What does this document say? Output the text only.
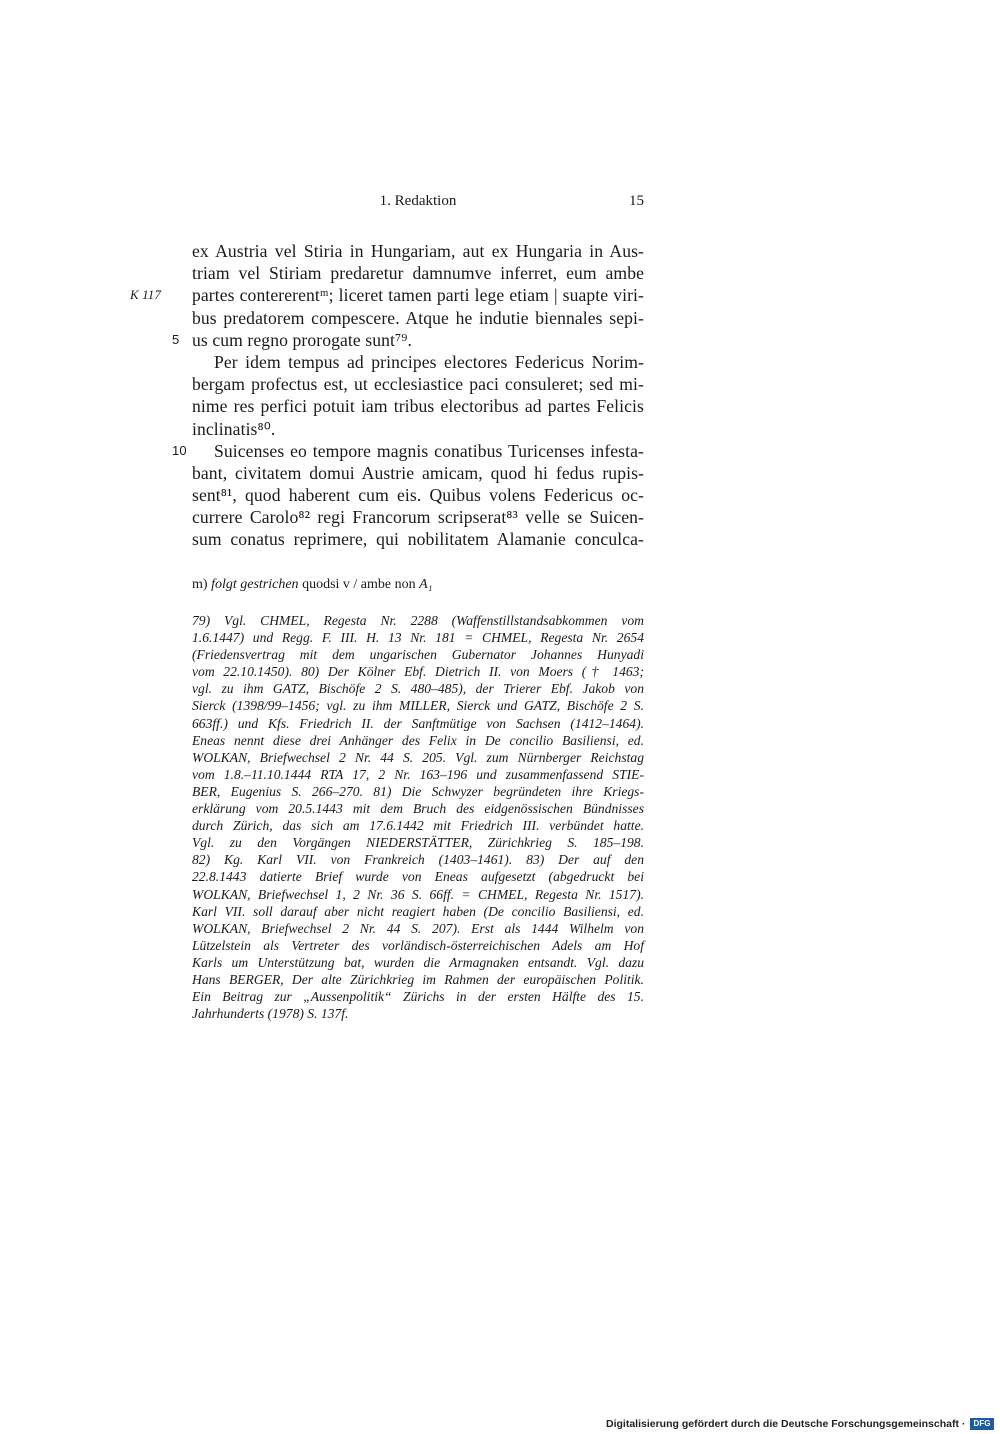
1. Redaktion	15
ex Austria vel Stiria in Hungariam, aut ex Hungaria in Aus-
triam vel Stiriam predaretur damnumve inferret, eum ambe
K 117 partes contererentᵐ; liceret tamen parti lege etiam | suapte viri-
bus predatorem compescere. Atque he indutie biennales sepi-
5 us cum regno prorogate sunt⁷⁹.
Per idem tempus ad principes electores Federicus Norim-
bergam profectus est, ut ecclesiastice paci consuleret; sed mi-
nime res perfici potuit iam tribus electoribus ad partes Felicis
inclinatis⁸⁰.
10 Suicenses eo tempore magnis conatibus Turicenses infesta-
bant, civitatem domui Austrie amicam, quod hi fedus rupis-
sent⁸¹, quod haberent cum eis. Quibus volens Federicus oc-
currere Carolo⁸² regi Francorum scripserat⁸³ velle se Suicen-
sum conatus reprimere, qui nobilitatem Alamanie conculca-
m) folgt gestrichen quodsi v / ambe non A₁
79) Vgl. CHMEL, Regesta Nr. 2288 (Waffenstillstandsabkommen vom
1.6.1447) und Regg. F. III. H. 13 Nr. 181 = CHMEL, Regesta Nr. 2654
(Friedensvertrag mit dem ungarischen Gubernator Johannes Hunyadi
vom 22.10.1450). 80) Der Kölner Ebf. Dietrich II. von Moers († 1463;
vgl. zu ihm GATZ, Bischöfe 2 S. 480–485), der Trierer Ebf. Jakob von
Sierck (1398/99–1456; vgl. zu ihm MILLER, Sierck und GATZ, Bischöfe 2 S.
663ff.) und Kfs. Friedrich II. der Sanftmütige von Sachsen (1412–1464).
Eneas nennt diese drei Anhänger des Felix in De concilio Basiliensi, ed.
WOLKAN, Briefwechsel 2 Nr. 44 S. 205. Vgl. zum Nürnberger Reichstag
vom 1.8.–11.10.1444 RTA 17, 2 Nr. 163–196 und zusammenfassend STIE-
BER, Eugenius S. 266–270. 81) Die Schwyzer begründeten ihre Kriegs-
erklärung vom 20.5.1443 mit dem Bruch des eidgenössischen Bündnisses
durch Zürich, das sich am 17.6.1442 mit Friedrich III. verbündet hatte.
Vgl. zu den Vorgängen NIEDERSTÄTTER, Zürichkrieg S. 185–198.
82) Kg. Karl VII. von Frankreich (1403–1461). 83) Der auf den
22.8.1443 datierte Brief wurde von Eneas aufgesetzt (abgedruckt bei
WOLKAN, Briefwechsel 1, 2 Nr. 36 S. 66ff. = CHMEL, Regesta Nr. 1517).
Karl VII. soll darauf aber nicht reagiert haben (De concilio Basiliensi, ed.
WOLKAN, Briefwechsel 2 Nr. 44 S. 207). Erst als 1444 Wilhelm von
Lützelstein als Vertreter des vorländisch-österreichischen Adels am Hof
Karls um Unterstützung bat, wurden die Armagnaken entsandt. Vgl. dazu
Hans BERGER, Der alte Zürichkrieg im Rahmen der europäischen Politik.
Ein Beitrag zur „Aussenpolitik“ Zürichs in der ersten Hälfte des 15.
Jahrhunderts (1978) S. 137f.
Digitalisierung gefördert durch die Deutsche Forschungsgemeinschaft ·	DFG
